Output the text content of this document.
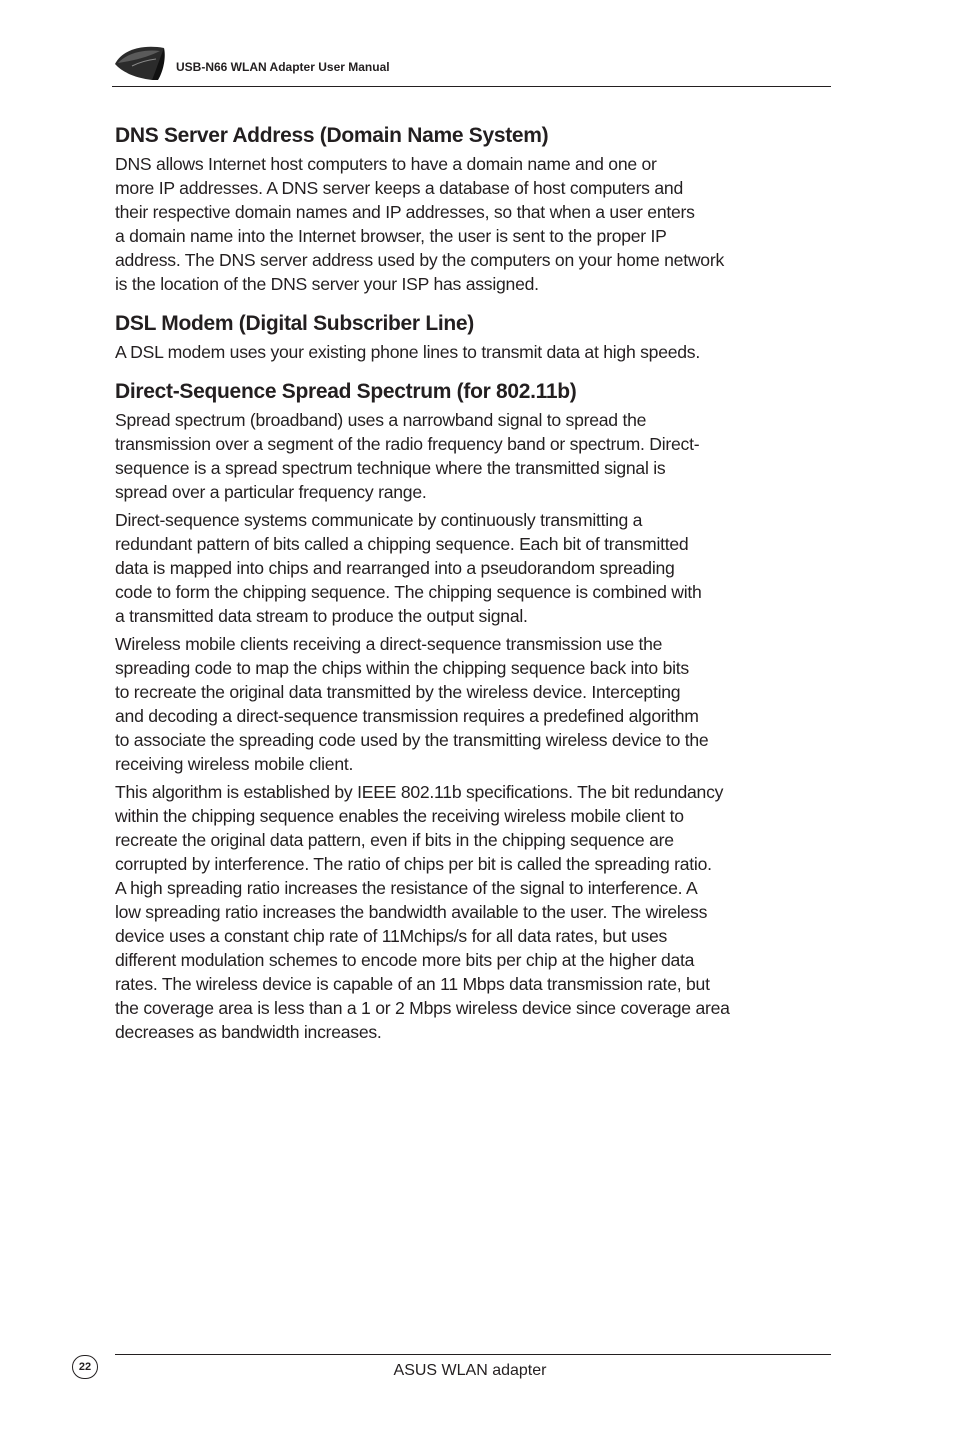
USB-N66 WLAN Adapter User Manual
DNS Server Address (Domain Name System)

DNS allows Internet host computers to have a domain name and one or
more IP addresses. A DNS server keeps a database of host computers and
their respective domain names and IP addresses, so that when a user enters
a domain name into the Internet browser, the user is sent to the proper IP
address. The DNS server address used by the computers on your home network
is the location of the DNS server your ISP has assigned.

DSL Modem (Digital Subscriber Line)

A DSL modem uses your existing phone lines to transmit data at high speeds.

Direct-Sequence Spread Spectrum (for 802.11b)

Spread spectrum (broadband) uses a narrowband signal to spread the
transmission over a segment of the radio frequency band or spectrum. Direct-
sequence is a spread spectrum technique where the transmitted signal is
spread over a particular frequency range.

Direct-sequence systems communicate by continuously transmitting a
redundant pattern of bits called a chipping sequence. Each bit of transmitted
data is mapped into chips and rearranged into a pseudorandom spreading
code to form the chipping sequence. The chipping sequence is combined with
a transmitted data stream to produce the output signal.

Wireless mobile clients receiving a direct-sequence transmission use the
spreading code to map the chips within the chipping sequence back into bits
to recreate the original data transmitted by the wireless device. Intercepting
and decoding a direct-sequence transmission requires a predefined algorithm
to associate the spreading code used by the transmitting wireless device to the
receiving wireless mobile client.

This algorithm is established by IEEE 802.11b specifications. The bit redundancy
within the chipping sequence enables the receiving wireless mobile client to
recreate the original data pattern, even if bits in the chipping sequence are
corrupted by interference. The ratio of chips per bit is called the spreading ratio.
A high spreading ratio increases the resistance of the signal to interference. A
low spreading ratio increases the bandwidth available to the user. The wireless
device uses a constant chip rate of 11Mchips/s for all data rates, but uses
different modulation schemes to encode more bits per chip at the higher data
rates. The wireless device is capable of an 11 Mbps data transmission rate, but
the coverage area is less than a 1 or 2 Mbps wireless device since coverage area
decreases as bandwidth increases.

22	ASUS WLAN adapter
